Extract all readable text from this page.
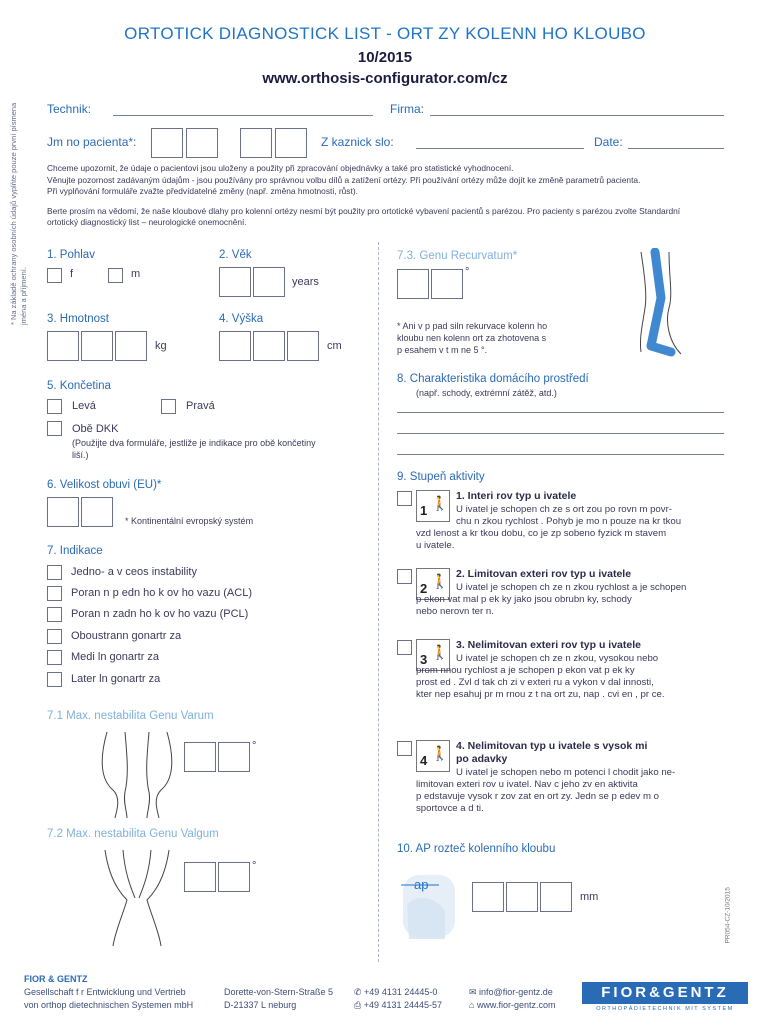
ORTOTICK DIAGNOSTICK LIST - ORT ZY KOLENN HO KLOUBO
10/2015
www.orthosis-configurator.com/cz
* Na základě ochrany osobních údajů vyplňte pouze první písmena jména a příjmení.
Technik:	Firma:
Jm no pacienta*:	Z kaznick slo:	Date:
Chceme upozornit, že údaje o pacientovi jsou uloženy a použity při zpracování objednávky a také pro statistické vyhodnocení.
Věnujte pozornost zadávaným údajům - jsou používány pro správnou volbu dílů a zatížení ortézy. Při používání ortézy může dojít ke změně parametrů pacienta.
Při vyplňování formuláře zvažte předvídatelné změny (např. změna hmotnosti, růst).
Berte prosím na vědomí, že naše kloubové dlahy pro kolenní ortézy nesmí být použity pro ortotické vybavení pacientů s parézou. Pro pacienty s parézou zvolte Standardní
ortotický diagnostický list – neurologické onemocnění.
1. Pohlav
f	m
2. Věk
years
3. Hmotnost
kg
4. Výška
cm
5. Končetina
Levá	Pravá
Obě DKK
(Použijte dva formuláře, jestliže je indikace pro obě končetiny
liší.)
6. Velikost obuvi (EU)*
* Kontinentální evropský systém
7. Indikace
Jedno- a v ceos instability
Poran n p edn ho k ov ho vazu (ACL)
Poran n zadn ho k ov ho vazu (PCL)
Oboustrann gonartr za
Medi ln gonartr za
Later ln gonartr za
7.1 Max. nestabilita Genu Varum
°
7.2 Max. nestabilita Genu Valgum
°
7.3. Genu Recurvatum*
°
* Ani v p pad siln rekurvace kolenn ho
kloubu nen kolenn ort za zhotovena s
p esahem v t m ne 5 °.
8. Charakteristika domácího prostředí
(např. schody, extrémní zátěž, atd.)
9. Stupeň aktivity
1 🚶 1. Interi rov typ u ivatele
U ivatel je schopen ch ze s ort zou po rovn m povr-
chu n zkou rychlost . Pohyb je mo n pouze na kr tkou
vzd lenost a kr tkou dobu, co je zp sobeno fyzick m stavem
u ivatele.
2 🚶 2. Limitovan exteri rov typ u ivatele
U ivatel je schopen ch ze n zkou rychlost a je schopen
p ekon vat mal p ek ky jako jsou obrubn ky, schody
nebo nerovn ter n.
3 🚶 3. Nelimitovan exteri rov typ u ivatele
U ivatel je schopen ch ze n zkou, vysokou nebo
prom nnou rychlost a je schopen p ekon vat p ek ky
prost ed . Zvl d tak ch zi v exteri ru a vykon v dal innosti,
kter nep esahuj pr m rnou z t na ort zu, nap . cvi en , pr ce.
4 🚶 4. Nelimitovan typ u ivatele s vysok mi
po adavky
U ivatel je schopen nebo m potenci l chodit jako ne-
limitovan exteri rov u ivatel. Nav c jeho zv en aktivita
p edstavuje vysok r zov zat en ort zy. Jedn se p edev m o
sportovce a d ti.
10. AP rozteč kolenního kloubu
ap
mm	PR054-CZ-10/2015
FIOR & GENTZ
Gesellschaft f r Entwicklung und Vertrieb
von orthop dietechnischen Systemen mbH
Dorette-von-Stern-Straße 5
D-21337 L neburg
✆ +49 4131 24445-0
⎙ +49 4131 24445-57
✉ info@fior-gentz.de
⌂ www.fior-gentz.com
FIOR&GENTZ
ORTHOPÄDIETECHNIK MIT SYSTEM
